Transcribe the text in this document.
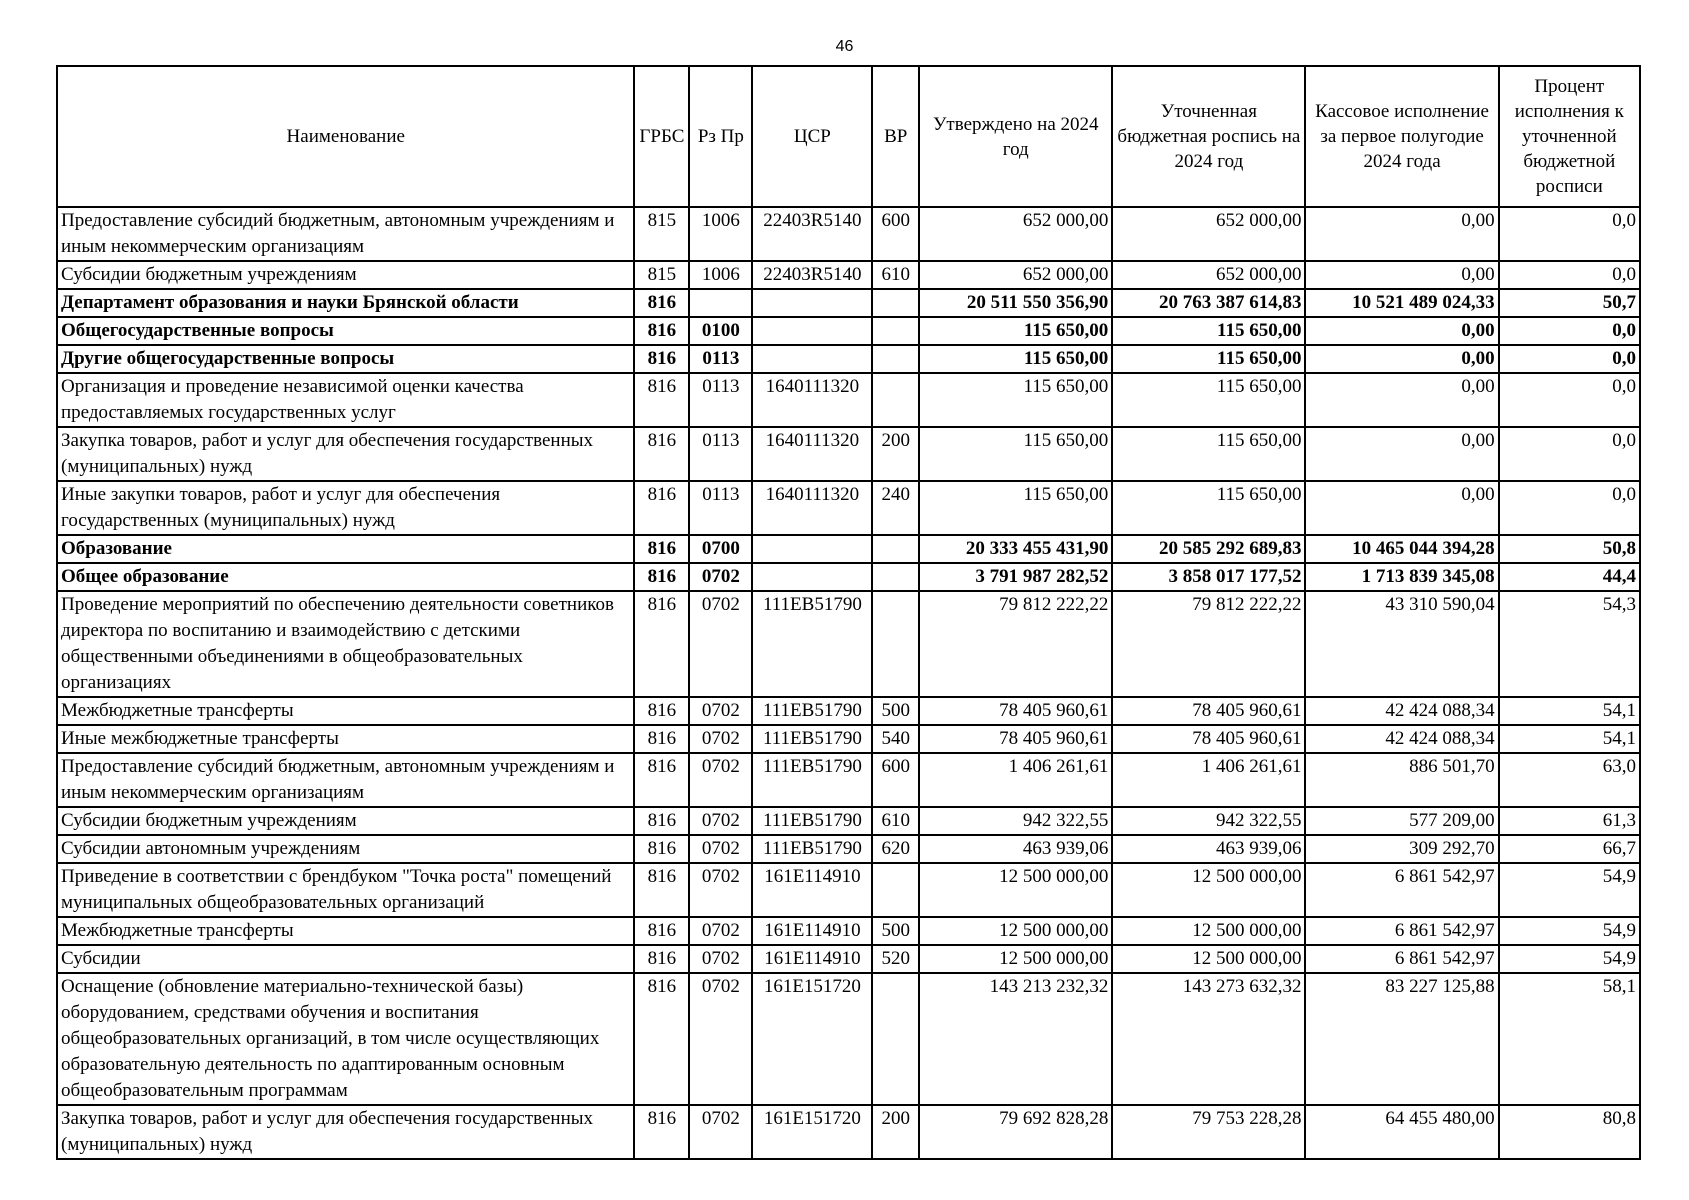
46
Наименование	ГРБС	Рз Пр	ЦСР	ВР	Утверждено на 2024 год	Уточненная бюджетная роспись на 2024 год	Кассовое исполнение за первое полугодие 2024 года	Процент исполнения к уточненной бюджетной росписи
Предоставление субсидий бюджетным, автономным учреждениям и иным некоммерческим организациям	815	1006	22403R5140	600	652 000,00	652 000,00	0,00	0,0
Субсидии бюджетным учреждениям	815	1006	22403R5140	610	652 000,00	652 000,00	0,00	0,0
Департамент образования и науки Брянской области	816				20 511 550 356,90	20 763 387 614,83	10 521 489 024,33	50,7
Общегосударственные вопросы	816	0100			115 650,00	115 650,00	0,00	0,0
Другие общегосударственные вопросы	816	0113			115 650,00	115 650,00	0,00	0,0
Организация и проведение независимой оценки качества предоставляемых государственных услуг	816	0113	1640111320		115 650,00	115 650,00	0,00	0,0
Закупка товаров, работ и услуг для обеспечения государственных (муниципальных) нужд	816	0113	1640111320	200	115 650,00	115 650,00	0,00	0,0
Иные закупки товаров, работ и услуг для обеспечения государственных (муниципальных) нужд	816	0113	1640111320	240	115 650,00	115 650,00	0,00	0,0
Образование	816	0700			20 333 455 431,90	20 585 292 689,83	10 465 044 394,28	50,8
Общее образование	816	0702			3 791 987 282,52	3 858 017 177,52	1 713 839 345,08	44,4
Проведение мероприятий по обеспечению деятельности советников директора по воспитанию и взаимодействию с детскими общественными объединениями в общеобразовательных организациях	816	0702	111EB51790		79 812 222,22	79 812 222,22	43 310 590,04	54,3
Межбюджетные трансферты	816	0702	111EB51790	500	78 405 960,61	78 405 960,61	42 424 088,34	54,1
Иные межбюджетные трансферты	816	0702	111EB51790	540	78 405 960,61	78 405 960,61	42 424 088,34	54,1
Предоставление субсидий бюджетным, автономным учреждениям и иным некоммерческим организациям	816	0702	111EB51790	600	1 406 261,61	1 406 261,61	886 501,70	63,0
Субсидии бюджетным учреждениям	816	0702	111EB51790	610	942 322,55	942 322,55	577 209,00	61,3
Субсидии автономным учреждениям	816	0702	111EB51790	620	463 939,06	463 939,06	309 292,70	66,7
Приведение в соответствии с брендбуком "Точка роста" помещений муниципальных общеобразовательных организаций	816	0702	161E114910		12 500 000,00	12 500 000,00	6 861 542,97	54,9
Межбюджетные трансферты	816	0702	161E114910	500	12 500 000,00	12 500 000,00	6 861 542,97	54,9
Субсидии	816	0702	161E114910	520	12 500 000,00	12 500 000,00	6 861 542,97	54,9
Оснащение (обновление материально-технической базы) оборудованием, средствами обучения и воспитания общеобразовательных организаций, в том числе осуществляющих образовательную деятельность по адаптированным основным общеобразовательным программам	816	0702	161E151720		143 213 232,32	143 273 632,32	83 227 125,88	58,1
Закупка товаров, работ и услуг для обеспечения государственных (муниципальных) нужд	816	0702	161E151720	200	79 692 828,28	79 753 228,28	64 455 480,00	80,8
